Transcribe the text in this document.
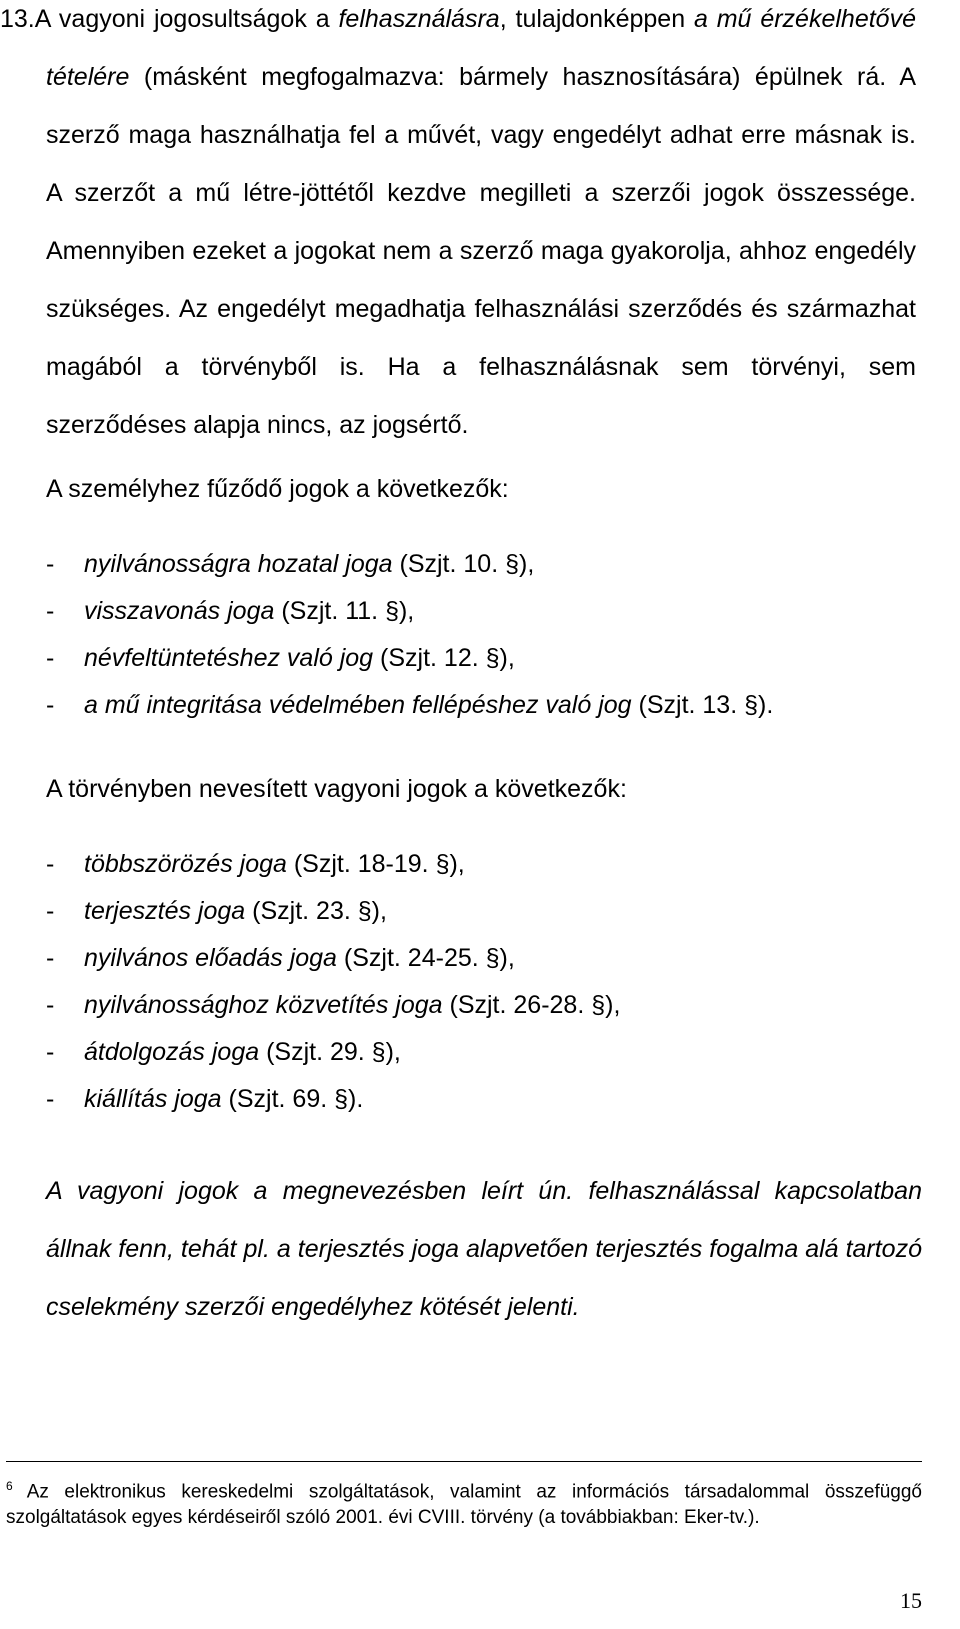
13.A vagyoni jogosultságok a felhasználásra, tulajdonképpen a mű érzékelhetővé tételére (másként megfogalmazva: bármely hasznosítására) épülnek rá. A szerző maga használhatja fel a művét, vagy engedélyt adhat erre másnak is. A szerzőt a mű létre-jöttétől kezdve megilleti a szerzői jogok összessége. Amennyiben ezeket a jogokat nem a szerző maga gyakorolja, ahhoz engedély szükséges. Az engedélyt megadhatja felhasználási szerződés és származhat magából a törvényből is. Ha a felhasználásnak sem törvényi, sem szerződéses alapja nincs, az jogsértő.
A személyhez fűződő jogok a következők:
- nyilvánosságra hozatal joga (Szjt. 10. §),
- visszavonás joga (Szjt. 11. §),
- névfeltüntetéshez való jog (Szjt. 12. §),
- a mű integritása védelmében fellépéshez való jog (Szjt. 13. §).
A törvényben nevesített vagyoni jogok a következők:
- többszörözés joga (Szjt. 18-19. §),
- terjesztés joga (Szjt. 23. §),
- nyilvános előadás joga (Szjt. 24-25. §),
- nyilvánossághoz közvetítés joga (Szjt. 26-28. §),
- átdolgozás joga (Szjt. 29. §),
- kiállítás joga (Szjt. 69. §).
A vagyoni jogok a megnevezésben leírt ún. felhasználással kapcsolatban állnak fenn, tehát pl. a terjesztés joga alapvetően terjesztés fogalma alá tartozó cselekmény szerzői engedélyhez kötését jelenti.
$^6$ Az elektronikus kereskedelmi szolgáltatások, valamint az információs társadalommal összefüggő szolgáltatások egyes kérdéseiről szóló 2001. évi CVIII. törvény (a továbbiakban: Eker-tv.).
15
